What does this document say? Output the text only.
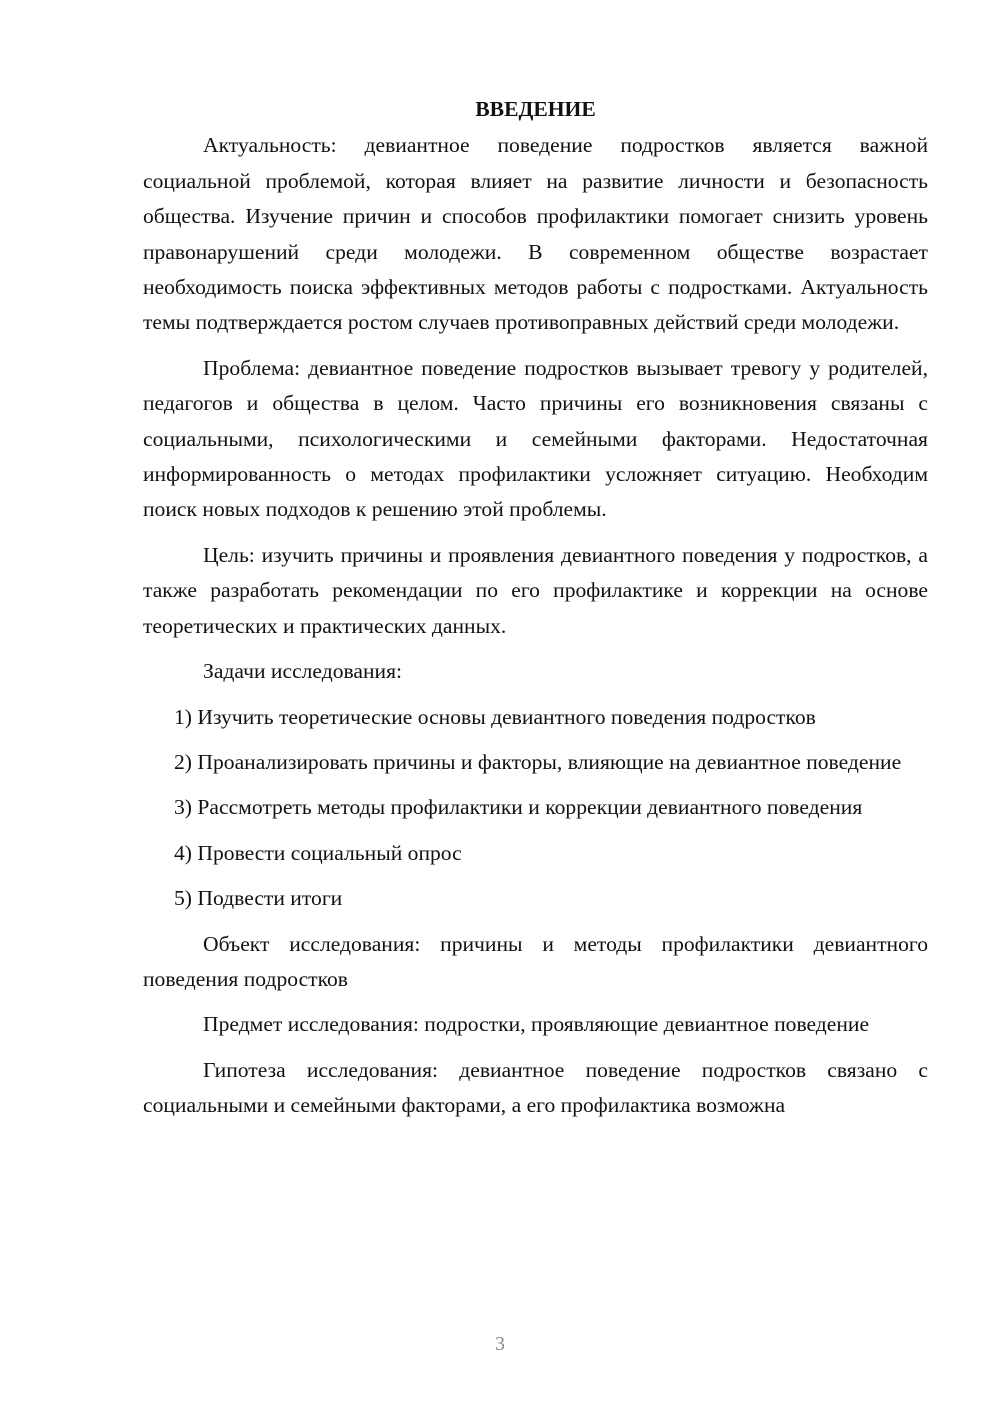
ВВЕДЕНИЕ

Актуальность: девиантное поведение подростков является важной социальной проблемой, которая влияет на развитие личности и безопасность общества. Изучение причин и способов профилактики помогает снизить уровень правонарушений среди молодежи. В современном обществе возрастает необходимость поиска эффективных методов работы с подростками. Актуальность темы подтверждается ростом случаев противоправных действий среди молодежи.

Проблема: девиантное поведение подростков вызывает тревогу у родителей, педагогов и общества в целом. Часто причины его возникновения связаны с социальными, психологическими и семейными факторами. Недостаточная информированность о методах профилактики усложняет ситуацию. Необходим поиск новых подходов к решению этой проблемы.

Цель: изучить причины и проявления девиантного поведения у подростков, а также разработать рекомендации по его профилактике и коррекции на основе теоретических и практических данных.

Задачи исследования:

1) Изучить теоретические основы девиантного поведения подростков

2) Проанализировать причины и факторы, влияющие на девиантное поведение

3) Рассмотреть методы профилактики и коррекции девиантного поведения

4) Провести социальный опрос

5) Подвести итоги

Объект исследования: причины и методы профилактики девиантного поведения подростков

Предмет исследования: подростки, проявляющие девиантное поведение

Гипотеза исследования: девиантное поведение подростков связано с социальными и семейными факторами, а его профилактика возможна

3
